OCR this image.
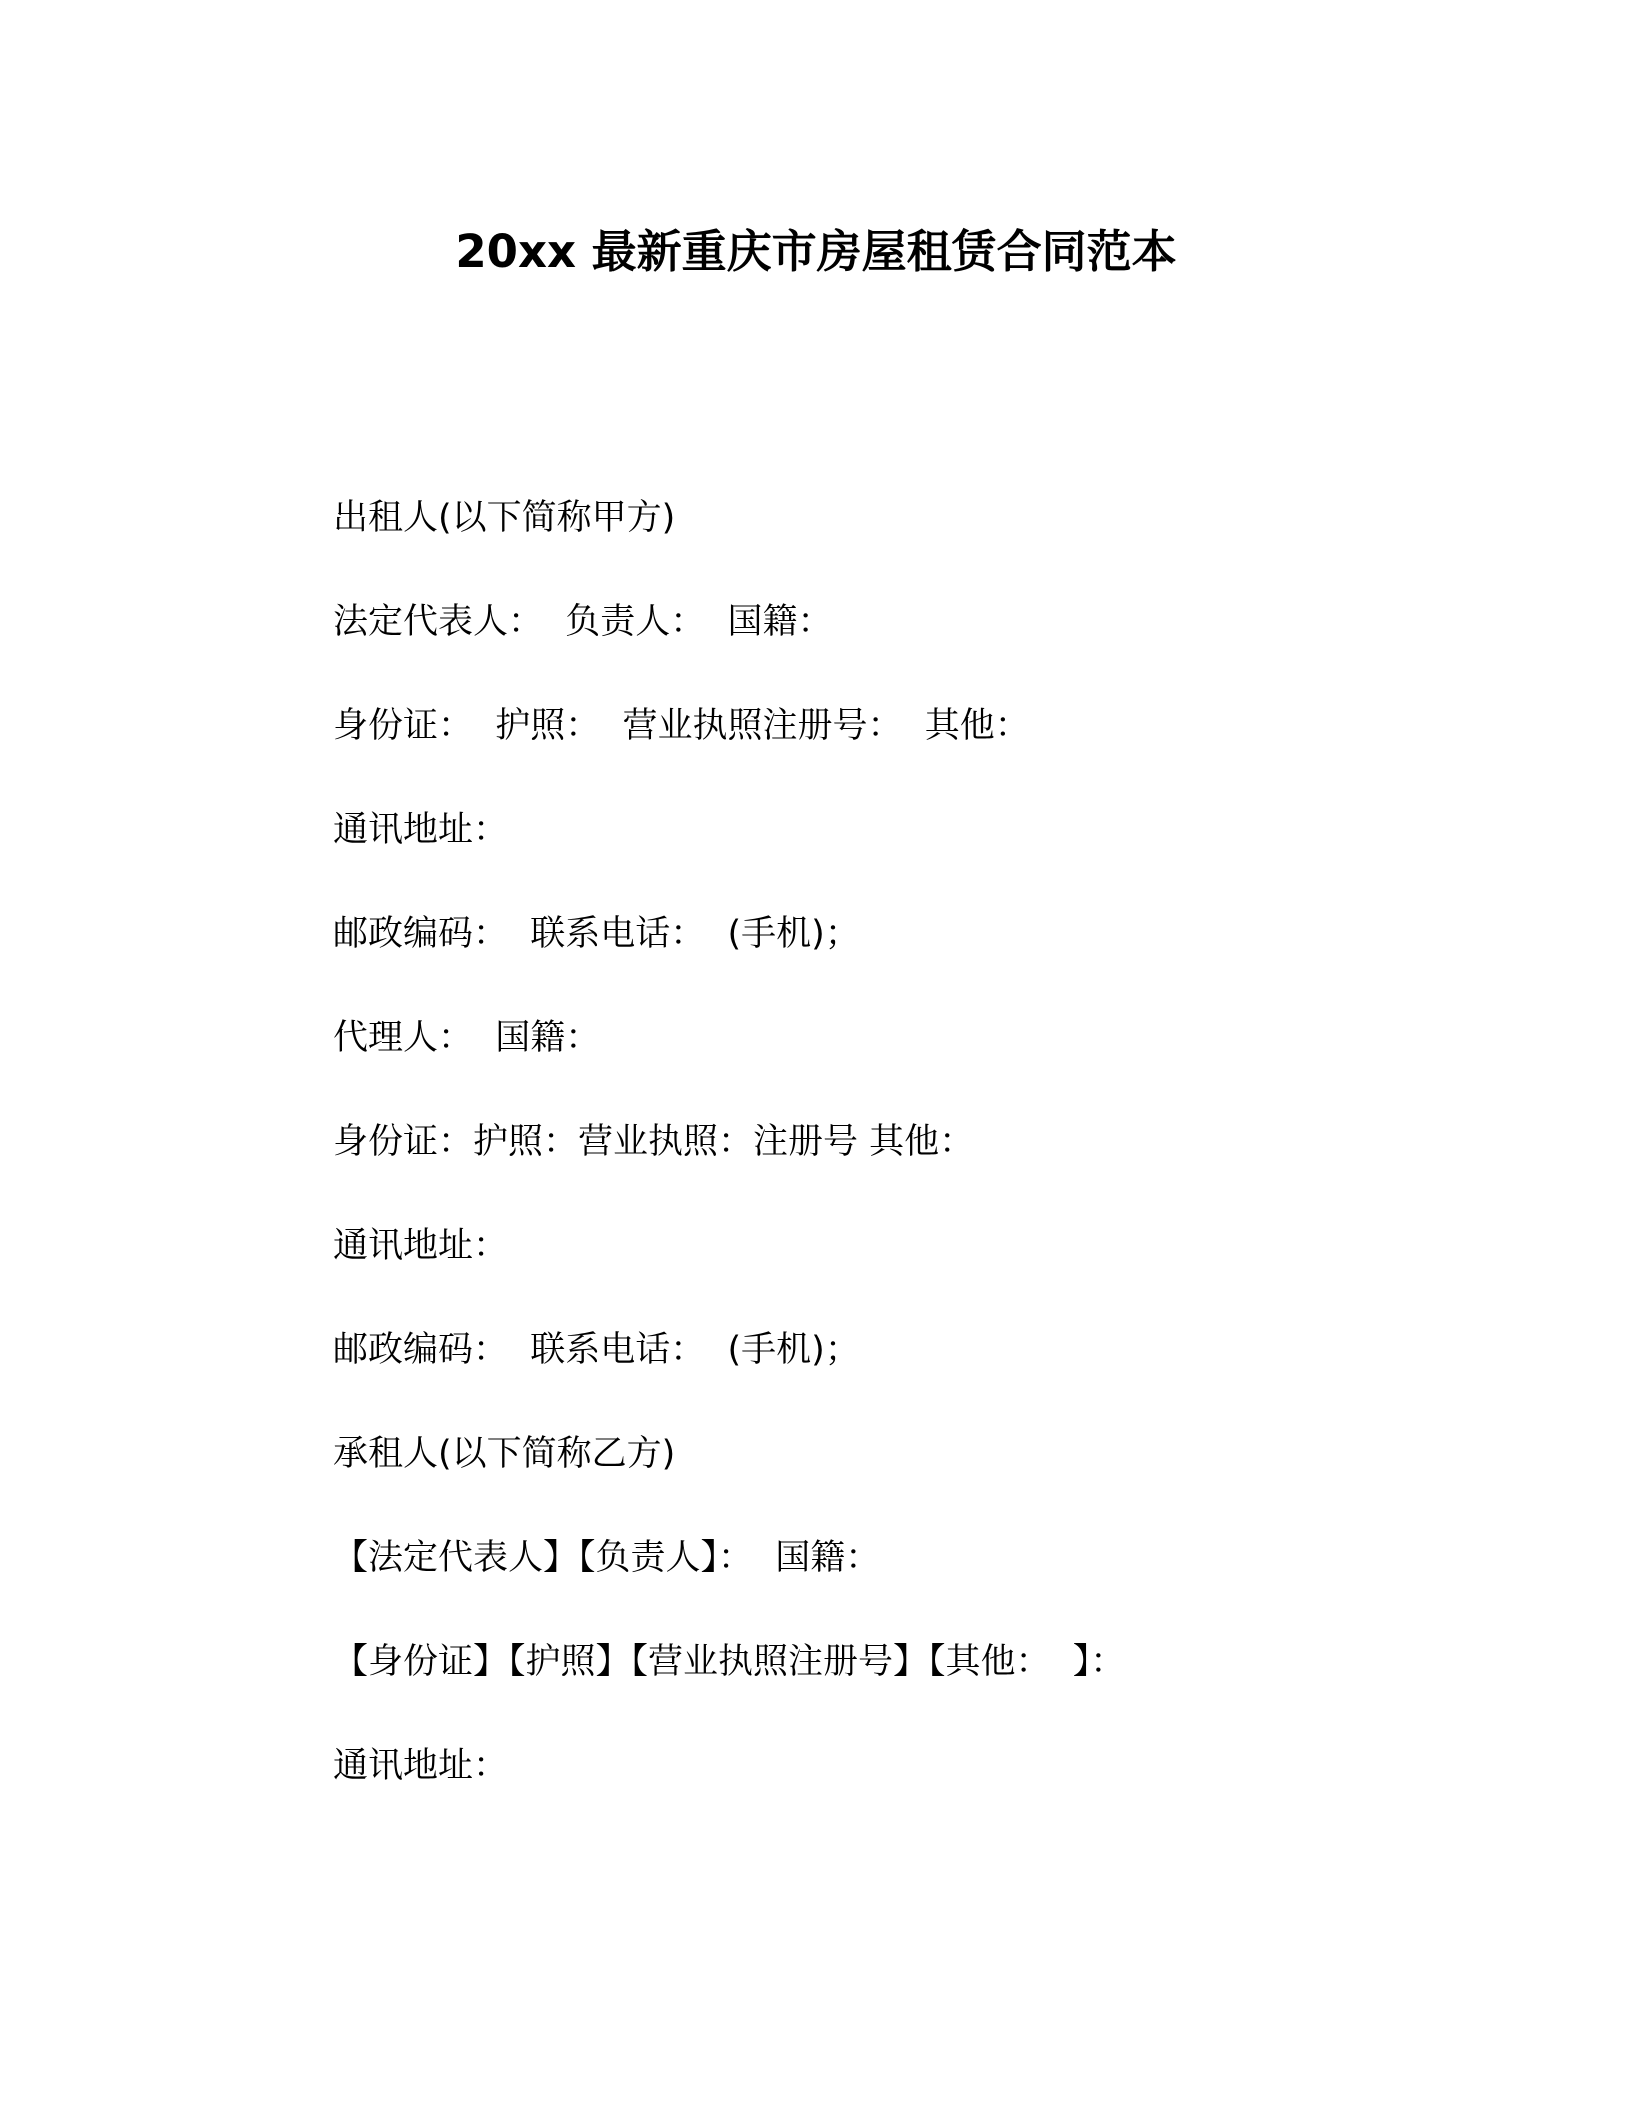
20xx 最新重庆市房屋租赁合同范本
出租人(以下简称甲方)
法定代表人：  负责人：  国籍：
身份证：  护照：  营业执照注册号：  其他：
通讯地址：
邮政编码：  联系电话：  (手机)；
代理人：  国籍：
身份证：护照：营业执照：注册号 其他：
通讯地址：
邮政编码：  联系电话：  (手机)；
承租人(以下简称乙方)
【法定代表人】【负责人】：  国籍：
【身份证】【护照】【营业执照注册号】【其他：  】：
通讯地址：
